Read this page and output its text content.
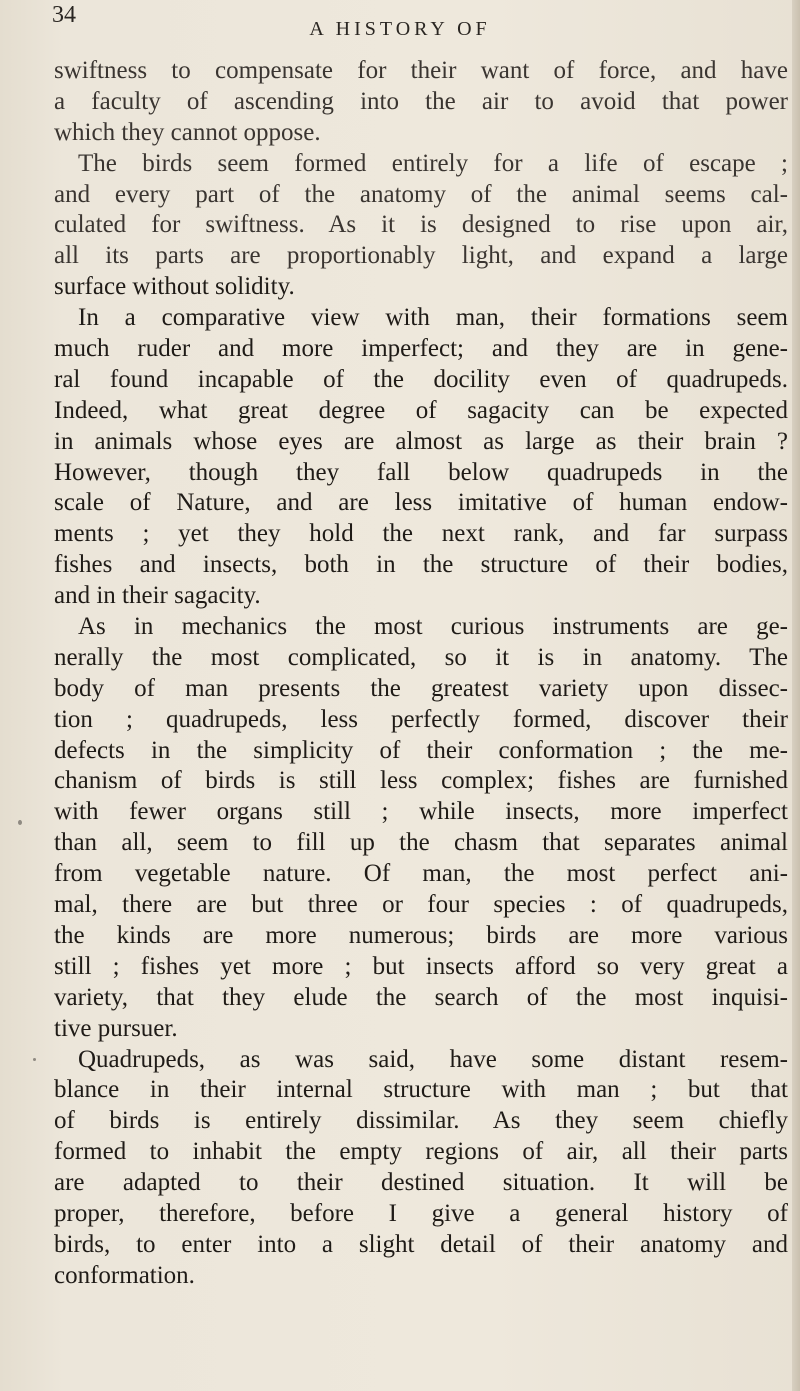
34
A HISTORY OF
swiftness to compensate for their want of force, and have
a faculty of ascending into the air to avoid that power
which they cannot oppose.
The birds seem formed entirely for a life of escape ;
and every part of the anatomy of the animal seems cal-
culated for swiftness. As it is designed to rise upon air,
all its parts are proportionably light, and expand a large
surface without solidity.
In a comparative view with man, their formations seem
much ruder and more imperfect; and they are in gene-
ral found incapable of the docility even of quadrupeds.
Indeed, what great degree of sagacity can be expected
in animals whose eyes are almost as large as their brain ?
However, though they fall below quadrupeds in the
scale of Nature, and are less imitative of human endow-
ments ; yet they hold the next rank, and far surpass
fishes and insects, both in the structure of their bodies,
and in their sagacity.
As in mechanics the most curious instruments are ge-
nerally the most complicated, so it is in anatomy. The
body of man presents the greatest variety upon dissec-
tion ; quadrupeds, less perfectly formed, discover their
defects in the simplicity of their conformation ; the me-
chanism of birds is still less complex; fishes are furnished
with fewer organs still ; while insects, more imperfect
than all, seem to fill up the chasm that separates animal
from vegetable nature. Of man, the most perfect ani-
mal, there are but three or four species : of quadrupeds,
the kinds are more numerous; birds are more various
still ; fishes yet more ; but insects afford so very great a
variety, that they elude the search of the most inquisi-
tive pursuer.
Quadrupeds, as was said, have some distant resem-
blance in their internal structure with man ; but that
of birds is entirely dissimilar. As they seem chiefly
formed to inhabit the empty regions of air, all their parts
are adapted to their destined situation. It will be
proper, therefore, before I give a general history of
birds, to enter into a slight detail of their anatomy and
conformation.
